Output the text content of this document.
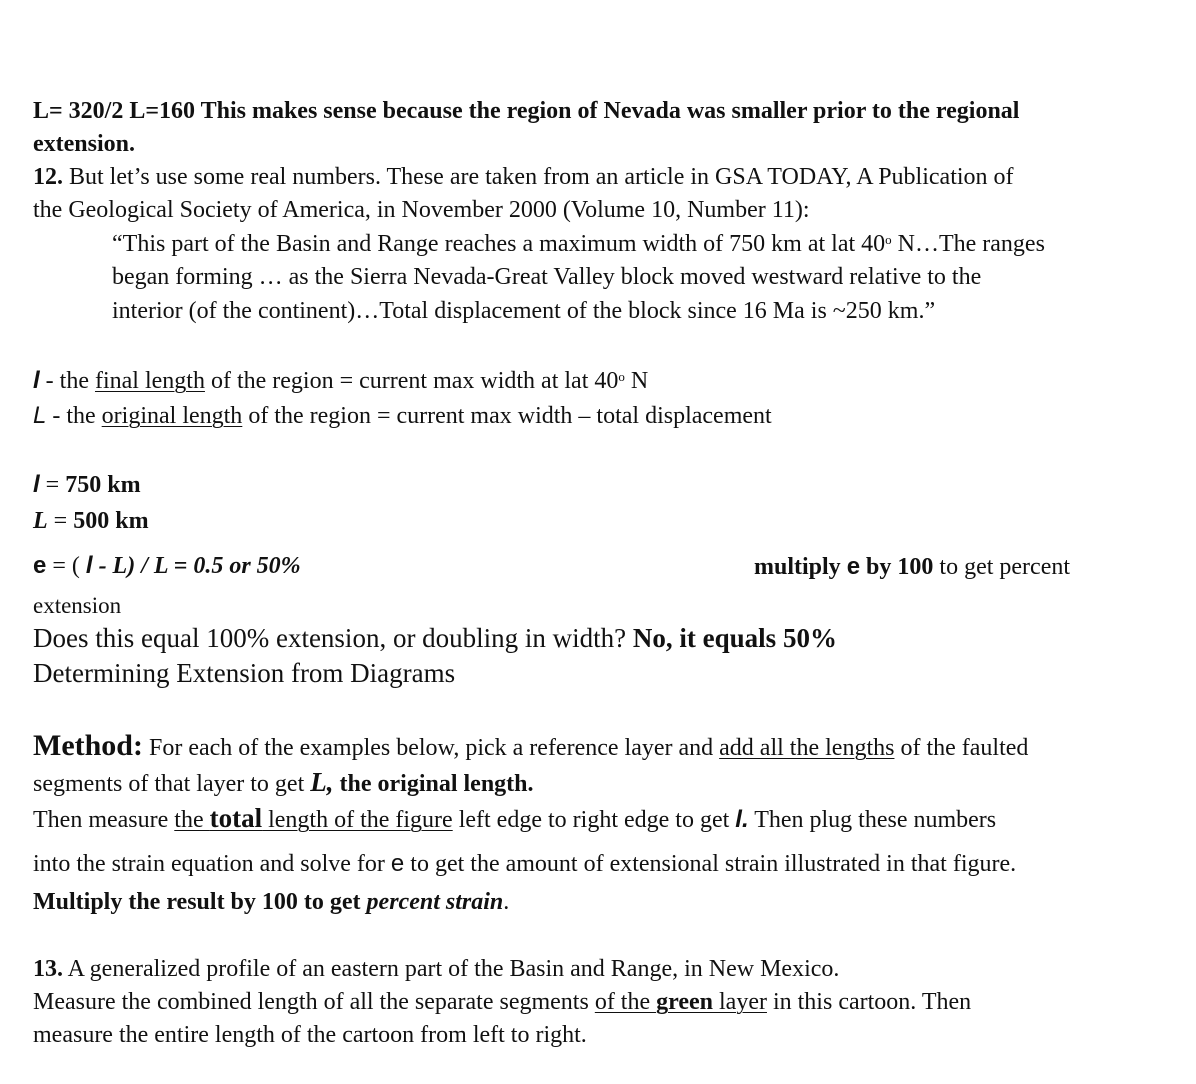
L= 320/2 L=160 This makes sense because the region of Nevada was smaller prior to the regional
extension.
12. But let’s use some real numbers. These are taken from an article in GSA TODAY, A Publication of
the Geological Society of America, in November 2000 (Volume 10, Number 11):
“This part of the Basin and Range reaches a maximum width of 750 km at lat 40$^o$ N…The ranges
began forming … as the Sierra Nevada-Great Valley block moved westward relative to the
interior (of the continent)…Total displacement of the block since 16 Ma is ~250 km.”
l - the final length of the region = current max width at lat 40$^o$ N
L - the original length of the region = current max width – total displacement
l = 750 km
L = 500 km
e = ( l - L) / L = 0.5 or 50%	multiply e by 100 to get percent
extension
Does this equal 100% extension, or doubling in width? No, it equals 50%
Determining Extension from Diagrams
Method: For each of the examples below, pick a reference layer and add all the lengths of the faulted
segments of that layer to get L, the original length.
Then measure the total length of the figure left edge to right edge to get l. Then plug these numbers
into the strain equation and solve for e to get the amount of extensional strain illustrated in that figure.
Multiply the result by 100 to get percent strain.
13. A generalized profile of an eastern part of the Basin and Range, in New Mexico.
Measure the combined length of all the separate segments of the green layer in this cartoon. Then
measure the entire length of the cartoon from left to right.
